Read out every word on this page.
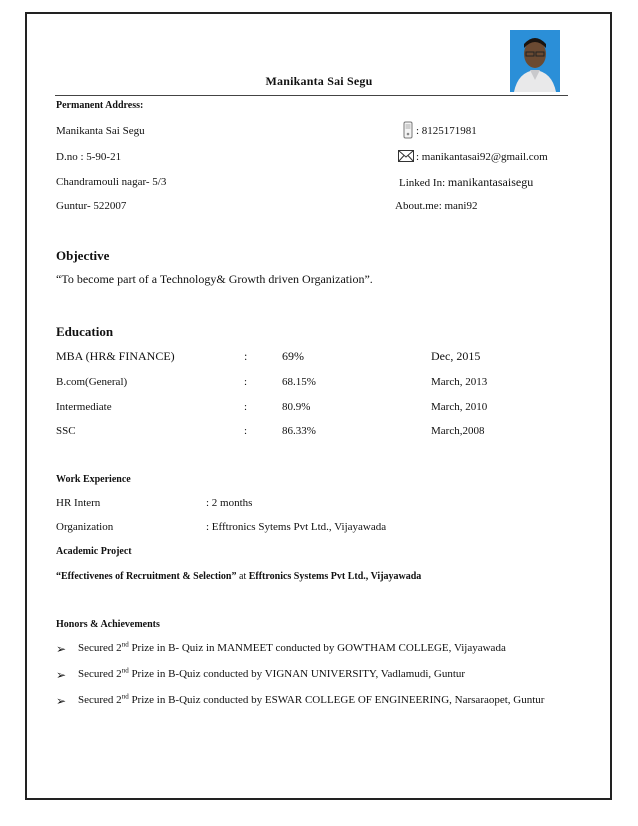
Manikanta Sai Segu
Permanent Address:
Manikanta Sai Segu
D.no : 5-90-21
Chandramouli nagar- 5/3
Guntur- 522007
: 8125171981
: manikantasai92@gmail.com
Linked In: manikantasaisegu
About.me: mani92
Objective
“To become part of a Technology& Growth driven Organization”.
Education
MBA (HR& FINANCE)	:	69%	Dec, 2015
B.com(General)	:	68.15%	March, 2013
Intermediate	:	80.9%	March, 2010
SSC	:	86.33%	March,2008
Work Experience
HR Intern	: 2 months
Organization	: Efftronics Sytems Pvt Ltd., Vijayawada
Academic Project
“Effectivenes of Recruitment & Selection” at Efftronics Systems Pvt Ltd., Vijayawada
Honors & Achievements
➢ Secured 2nd Prize in B- Quiz in MANMEET conducted by GOWTHAM COLLEGE, Vijayawada
➢ Secured 2nd Prize in B-Quiz conducted by VIGNAN UNIVERSITY, Vadlamudi, Guntur
➢ Secured 2nd Prize in B-Quiz conducted by ESWAR COLLEGE OF ENGINEERING, Narsaraopet, Guntur
